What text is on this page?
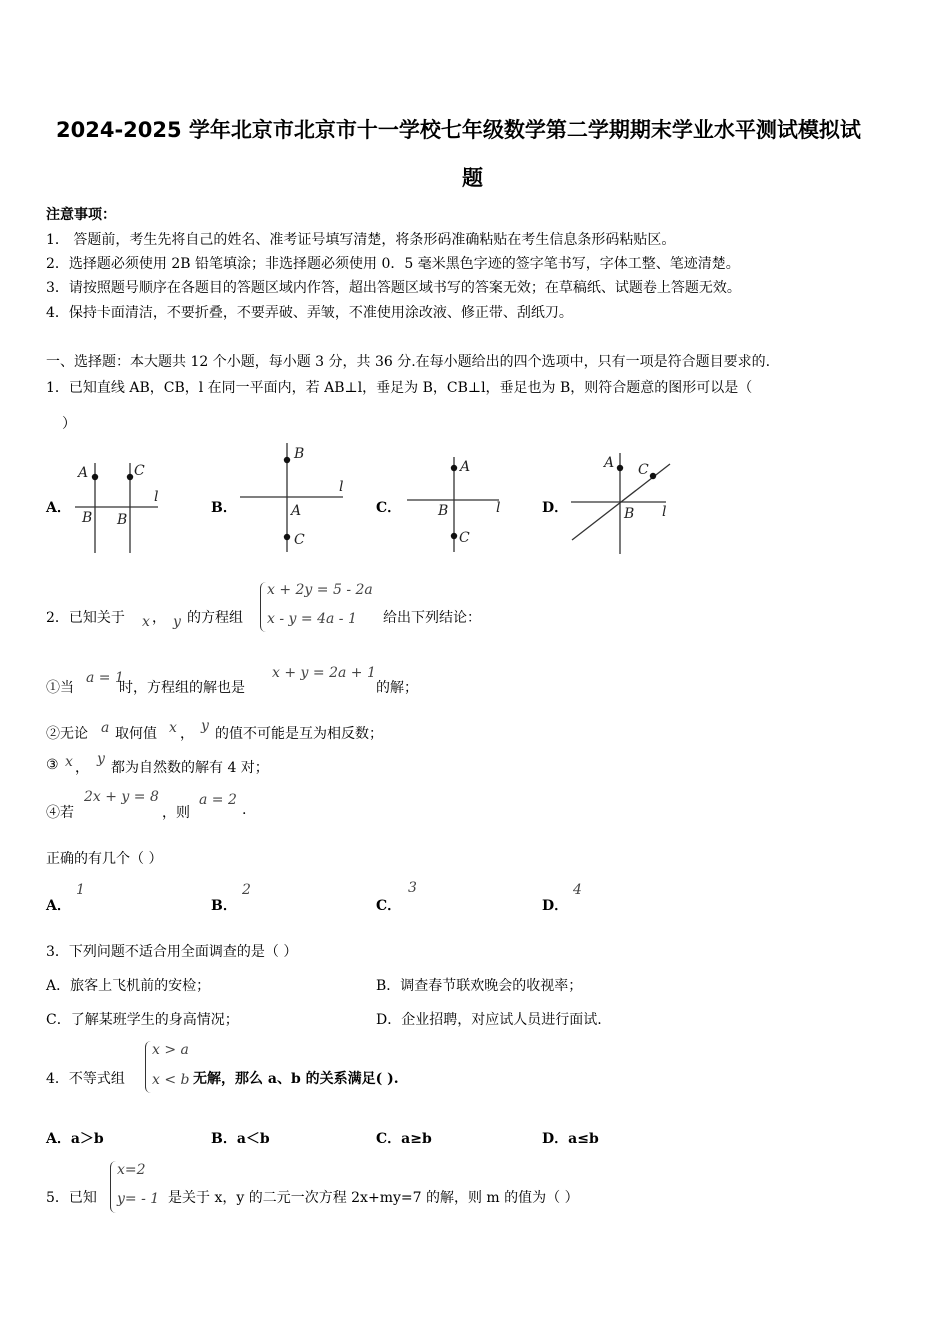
2024-2025 学年北京市北京市十一学校七年级数学第二学期期末学业水平测试模拟试
题
注意事项：
1． 答题前，考生先将自己的姓名、准考证号填写清楚，将条形码准确粘贴在考生信息条形码粘贴区。
2．选择题必须使用 2B 铅笔填涂；非选择题必须使用 0．5 毫米黑色字迹的签字笔书写，字体工整、笔迹清楚。
3．请按照题号顺序在各题目的答题区域内作答，超出答题区域书写的答案无效；在草稿纸、试题卷上答题无效。
4．保持卡面清洁，不要折叠，不要弄破、弄皱，不准使用涂改液、修正带、刮纸刀。
一、选择题：本大题共 12 个小题，每小题 3 分，共 36 分.在每小题给出的四个选项中，只有一项是符合题目要求的.
1．已知直线 AB，CB，l 在同一平面内，若 AB⊥l，垂足为 B，CB⊥l，垂足也为 B，则符合题意的图形可以是（
）
A．
A	C
l
B B
B．
B
l
A
C
C．
A
l
B
C
D．
A C
l
B
2．已知关于 x ， y 的方程组
x + 2y = 5 - 2a
x - y = 4a - 1 给出下列结论：
①当
a = 1
时，方程组的解也是
x + y = 2a + 1
的解；
②无论 a 取何值 x ， y 的值不可能是互为相反数；
③ x ，
y
都为自然数的解有 4 对；
④若
2x + y = 8
，则
a = 2
.
正确的有几个（ ）
A．
1
B．
2
C．
3
D．
4
3．下列问题不适合用全面调查的是（ ）
A．旅客上飞机前的安检；	B．调查春节联欢晚会的收视率；
C．了解某班学生的身高情况；	D．企业招聘，对应试人员进行面试.
4．不等式组
x > a
x < b 无解，那么 a、b 的关系满足( ).
A．a＞b	B．a＜b	C．a≥b	D．a≤b
5．已知
x=2
y= - 1 是关于 x，y 的二元一次方程 2x+my=7 的解，则 m 的值为（ ）
